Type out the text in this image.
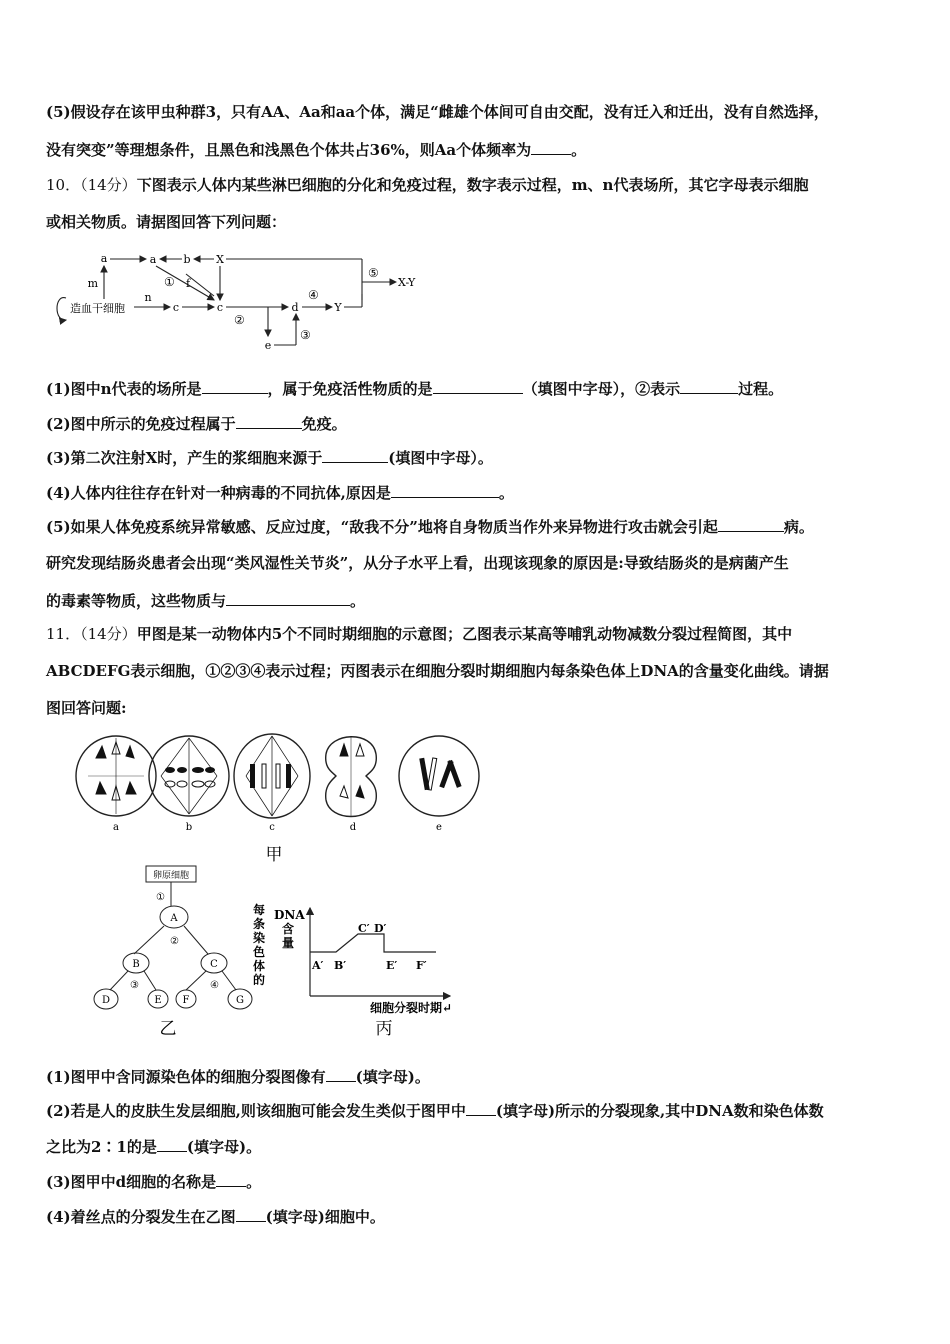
(5)假设存在该甲虫种群3，只有AA、Aa和aa个体，满足“雌雄个体间可自由交配，没有迁入和迁出，没有自然选择，
没有突变”等理想条件，且黑色和浅黑色个体共占36%，则Aa个体频率为	。
10．（14分）下图表示人体内某些淋巴细胞的分化和免疫过程，数字表示过程，m、n代表场所，其它字母表示细胞
或相关物质。请据图回答下列问题：
a	a b X
m	f
①
n
c	c	d	Y
④
②
⑤
X-Y
e
③
造血干细胞
(1)图中n代表的场所是	，属于免疫活性物质的是	（填图中字母），②表示	过程。
(2)图中所示的免疫过程属于	免疫。
(3)第二次注射X时，产生的浆细胞来源于	(填图中字母）。
(4)人体内往往存在针对一种病毒的不同抗体,原因是	。
(5)如果人体免疫系统异常敏感、反应过度，“敌我不分”地将自身物质当作外来异物进行攻击就会引起	病。
研究发现结肠炎患者会出现“类风湿性关节炎”，从分子水平上看，出现该现象的原因是:导致结肠炎的是病菌产生
的毒素等物质，这些物质与	。
11．（14分）甲图是某一动物体内5个不同时期细胞的示意图；乙图表示某高等哺乳动物减数分裂过程简图，其中
ABCDEFG表示细胞，①②③④表示过程；丙图表示在细胞分裂时期细胞内每条染色体上DNA的含量变化曲线。请据
图回答问题:
a	b	c	d	e
甲
卵原细胞
①
A
②
B	C
③	④
D	E F	G
乙
每
条
染
色
体
的
DNA
含
量
A′ B′
C′ D′
E′ F′
细胞分裂时期↵
丙
(1)图甲中含同源染色体的细胞分裂图像有 (填字母)。
(2)若是人的皮肤生发层细胞,则该细胞可能会发生类似于图甲中 (填字母)所示的分裂现象,其中DNA数和染色体数
之比为2∶1的是 (填字母)。
(3)图甲中d细胞的名称是 。
(4)着丝点的分裂发生在乙图 (填字母)细胞中。
